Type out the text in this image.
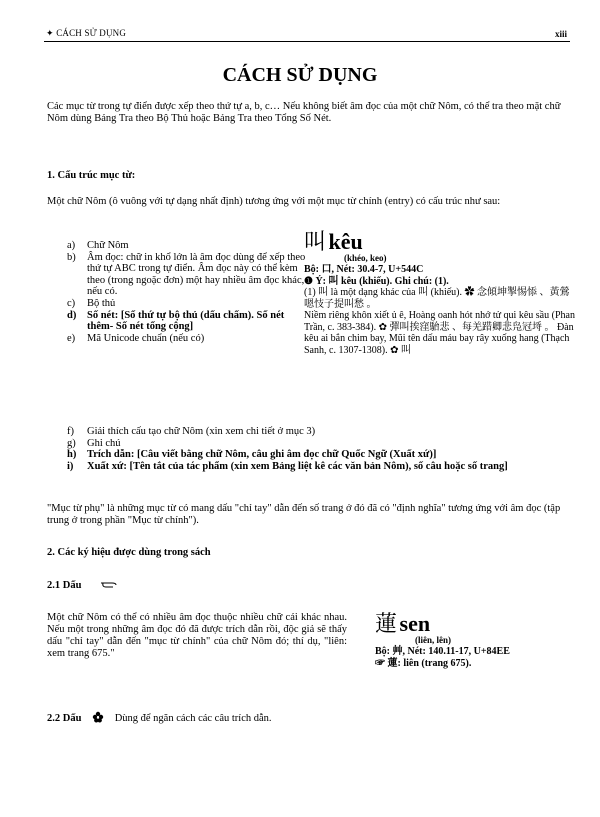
✦ CÁCH SỬ DỤNG	xiii
CÁCH SỬ DỤNG
Các mục từ trong tự điển được xếp theo thứ tự a, b, c… Nếu không biết âm đọc của một chữ Nôm, có thể tra theo mặt chữ Nôm dùng Bảng Tra theo Bộ Thủ hoặc Bảng Tra theo Tổng Số Nét.
1. Cấu trúc mục từ:
Một chữ Nôm (ô vuông với tự dạng nhất định) tương ứng với một mục từ chính (entry) có cấu trúc như sau:
a) Chữ Nôm
b) Âm đọc: chữ in khổ lớn là âm đọc dùng để xếp theo thứ tự ABC trong tự điển. Âm đọc này có thể kèm theo (trong ngoặc đơn) một hay nhiều âm đọc khác, nếu có.
c) Bộ thủ
d) Số nét: [Số thứ tự bộ thủ (dấu chấm). Số nét thêm- Số nét tổng cộng]
e) Mã Unicode chuẩn (nếu có)
f) Giải thích cấu tạo chữ Nôm (xin xem chi tiết ở mục 3)
g) Ghi chú
h) Trích dẫn: [Câu viết bằng chữ Nôm, câu ghi âm đọc chữ Quốc Ngữ (Xuất xứ)]
i) Xuất xứ: [Tên tắt của tác phẩm (xin xem Bảng liệt kê các văn bản Nôm), số câu hoặc số trang]
叫 kêu
(khéo, keo)
Bộ: 口, Nét: 30.4-7, U+544C
❶ Ý: 叫 kêu (khiếu). Ghi chú: (1).
(1) 叫 là một dạng khác của 叫 (khiếu). ✿ 念傾坤掣惕悿 、黃鶯嗯忮子提叫愁 。
Niềm riêng khôn xiết ủ ê, Hoàng oanh hót nhớ tử qui kêu sầu (Phan Trần, c. 383-384). ✿ 彈叫挨窪駘悲 、每羌踖卿悲凫冠埓 。 Đàn kêu ai bắn chim bay, Mũi tên dấu máu bay rây xuống hang (Thạch Sanh, c. 1307-1308). ✿ 叫
"Mục từ phụ" là những mục từ có mang dấu "chỉ tay" dẫn đến số trang ở đó đã có "định nghĩa" tương ứng với âm đọc (tập trung ở trong phần "Mục từ chính").
2. Các ký hiệu được dùng trong sách
2.1 Dấu
Một chữ Nôm có thể có nhiều âm đọc thuộc nhiều chữ cái khác nhau. Nếu một trong những âm đọc đó đã được trích dẫn rồi, độc giả sẽ thấy dấu "chỉ tay" dẫn đến "mục từ chính" của chữ Nôm đó; thí dụ, "liên: xem trang 675."
蓮 sen
(liên, lên)
Bộ: 艸, Nét: 140.11-17, U+84EE
☞ 蓮: liên (trang 675).
2.2 Dấu	Dùng để ngăn cách các câu trích dẫn.
